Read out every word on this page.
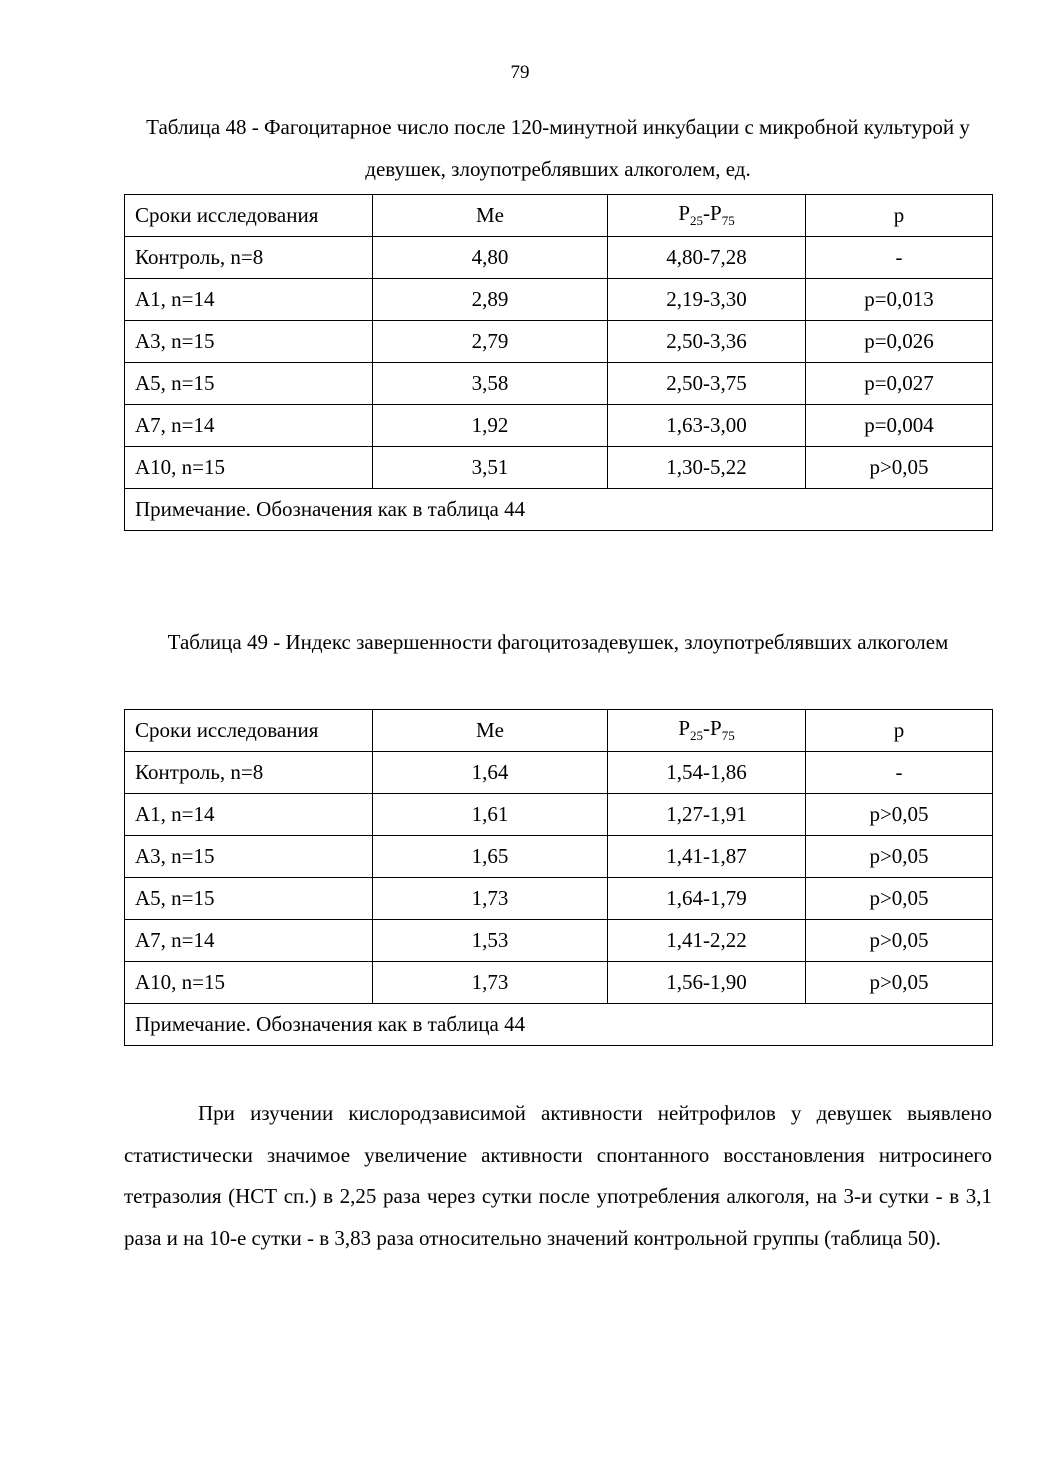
79
Таблица 48 - Фагоцитарное число после 120-минутной инкубации с микробной культурой у девушек, злоупотреблявших алкоголем, ед.
Сроки исследования	Me	$P_{25}-P_{75}$	p
Контроль, n=8	4,80	4,80-7,28	-
А1, n=14	2,89	2,19-3,30	p=0,013
А3, n=15	2,79	2,50-3,36	p=0,026
А5, n=15	3,58	2,50-3,75	p=0,027
А7, n=14	1,92	1,63-3,00	p=0,004
А10, n=15	3,51	1,30-5,22	p>0,05
Примечание. Обозначения как в таблица 44			
Таблица 49 - Индекс завершенности фагоцитозадевушек, злоупотреблявших алкоголем
Сроки исследования	Me	$P_{25}-P_{75}$	p
Контроль, n=8	1,64	1,54-1,86	-
А1, n=14	1,61	1,27-1,91	p>0,05
А3, n=15	1,65	1,41-1,87	p>0,05
А5, n=15	1,73	1,64-1,79	p>0,05
А7, n=14	1,53	1,41-2,22	p>0,05
А10, n=15	1,73	1,56-1,90	p>0,05
Примечание. Обозначения как в таблица 44			

При изучении кислородзависимой активности нейтрофилов у девушек выявлено статистически значимое увеличение активности спонтанного восстановления нитросинего тетразолия (НСТ сп.) в 2,25 раза через сутки после употребления алкоголя, на 3-и сутки - в 3,1 раза и на 10-е сутки - в 3,83 раза относительно значений контрольной группы (таблица 50).
